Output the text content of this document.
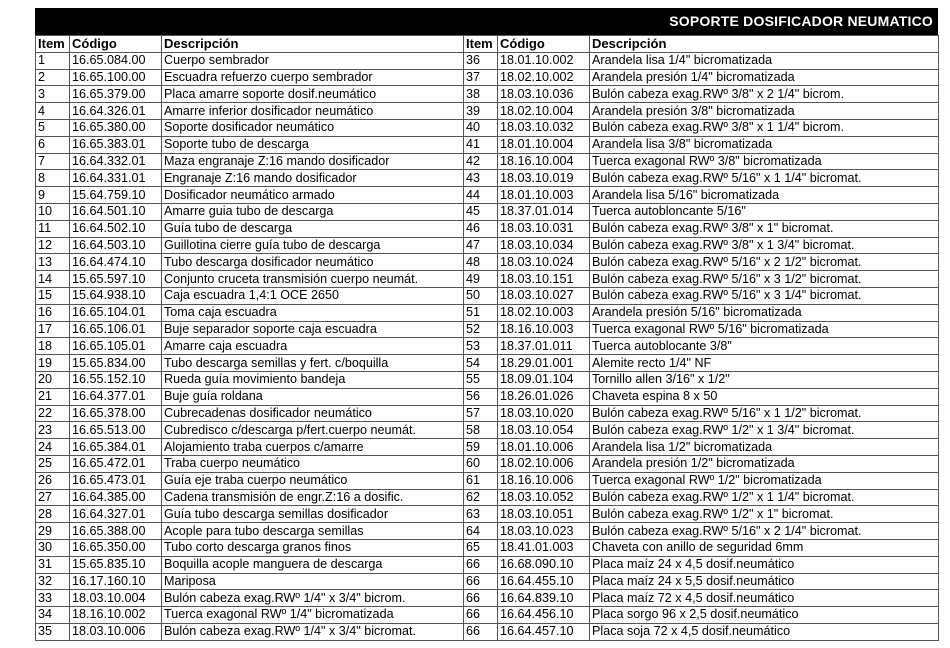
SOPORTE DOSIFICADOR NEUMATICO
Item	Código	Descripción	Item	Código	Descripción
1	16.65.084.00	Cuerpo sembrador	36	18.01.10.002	Arandela lisa 1/4" bicromatizada
2	16.65.100.00	Escuadra refuerzo cuerpo sembrador	37	18.02.10.002	Arandela presión 1/4" bicromatizada
3	16.65.379.00	Placa amarre soporte dosif.neumático	38	18.03.10.036	Bulón cabeza exag.RWº 3/8" x 2 1/4" bicrom.
4	16.64.326.01	Amarre inferior dosificador neumático	39	18.02.10.004	Arandela presión 3/8" bicromatizada
5	16.65.380.00	Soporte dosificador neumático	40	18.03.10.032	Bulón cabeza exag.RWº 3/8" x 1 1/4" bicrom.
6	16.65.383.01	Soporte tubo de descarga	41	18.01.10.004	Arandela lisa 3/8" bicromatizada
7	16.64.332.01	Maza engranaje Z:16 mando dosificador	42	18.16.10.004	Tuerca exagonal RWº 3/8" bicromatizada
8	16.64.331.01	Engranaje Z:16 mando dosificador	43	18.03.10.019	Bulón cabeza exag.RWº 5/16" x 1 1/4" bicromat.
9	15.64.759.10	Dosificador neumático armado	44	18.01.10.003	Arandela lisa 5/16" bicromatizada
10	16.64.501.10	Amarre guia tubo de descarga	45	18.37.01.014	Tuerca autobloncante 5/16"
11	16.64.502.10	Guía tubo de descarga	46	18.03.10.031	Bulón cabeza exag.RWº 3/8" x 1" bicromat.
12	16.64.503.10	Guillotina cierre guía tubo de descarga	47	18.03.10.034	Bulón cabeza exag.RWº 3/8" x 1 3/4" bicromat.
13	16.64.474.10	Tubo descarga dosificador neumático	48	18.03.10.024	Bulón cabeza exag.RWº 5/16" x 2 1/2" bicromat.
14	15.65.597.10	Conjunto cruceta transmisión cuerpo neumát.	49	18.03.10.151	Bulón cabeza exag.RWº 5/16" x 3 1/2" bicromat.
15	15.64.938.10	Caja escuadra 1,4:1 OCE 2650	50	18.03.10.027	Bulón cabeza exag.RWº 5/16" x 3 1/4" bicromat.
16	16.65.104.01	Toma caja escuadra	51	18.02.10.003	Arandela presión 5/16" bicromatizada
17	16.65.106.01	Buje separador soporte caja escuadra	52	18.16.10.003	Tuerca exagonal RWº 5/16" bicromatizada
18	16.65.105.01	Amarre caja escuadra	53	18.37.01.011	Tuerca autoblocante 3/8"
19	15.65.834.00	Tubo descarga semillas y fert. c/boquilla	54	18.29.01.001	Alemite recto 1/4" NF
20	16.55.152.10	Rueda guía movimiento bandeja	55	18.09.01.104	Tornillo allen 3/16" x 1/2"
21	16.64.377.01	Buje guía roldana	56	18.26.01.026	Chaveta espina 8 x 50
22	16.65.378.00	Cubrecadenas dosificador neumático	57	18.03.10.020	Bulón cabeza exag.RWº 5/16" x 1 1/2" bicromat.
23	16.65.513.00	Cubredisco c/descarga p/fert.cuerpo neumát.	58	18.03.10.054	Bulón cabeza exag.RWº 1/2" x 1 3/4" bicromat.
24	16.65.384.01	Alojamiento traba cuerpos c/amarre	59	18.01.10.006	Arandela lisa 1/2" bicromatizada
25	16.65.472.01	Traba cuerpo neumático	60	18.02.10.006	Arandela presión 1/2" bicromatizada
26	16.65.473.01	Guía eje traba cuerpo neumático	61	18.16.10.006	Tuerca exagonal RWº 1/2" bicromatizada
27	16.64.385.00	Cadena transmisión de engr.Z:16 a dosific.	62	18.03.10.052	Bulón cabeza exag.RWº 1/2" x 1 1/4" bicromat.
28	16.64.327.01	Guía tubo descarga semillas dosificador	63	18.03.10.051	Bulón cabeza exag.RWº 1/2" x 1" bicromat.
29	16.65.388.00	Acople para tubo descarga semillas	64	18.03.10.023	Bulón cabeza exag.RWº 5/16" x 2 1/4" bicromat.
30	16.65.350.00	Tubo corto descarga granos finos	65	18.41.01.003	Chaveta con anillo de seguridad 6mm
31	15.65.835.10	Boquilla acople manguera de descarga	66	16.68.090.10	Placa maíz 24 x 4,5 dosif.neumático
32	16.17.160.10	Mariposa	66	16.64.455.10	Placa maíz 24 x 5,5 dosif.neumático
33	18.03.10.004	Bulón cabeza exag.RWº 1/4" x 3/4" bicrom.	66	16.64.839.10	Placa maíz 72 x 4,5 dosif.neumático
34	18.16.10.002	Tuerca exagonal RWº 1/4" bicromatizada	66	16.64.456.10	Placa sorgo 96 x 2,5 dosif.neumático
35	18.03.10.006	Bulón cabeza exag.RWº 1/4" x 3/4" bicromat.	66	16.64.457.10	Placa soja 72 x 4,5 dosif.neumático
